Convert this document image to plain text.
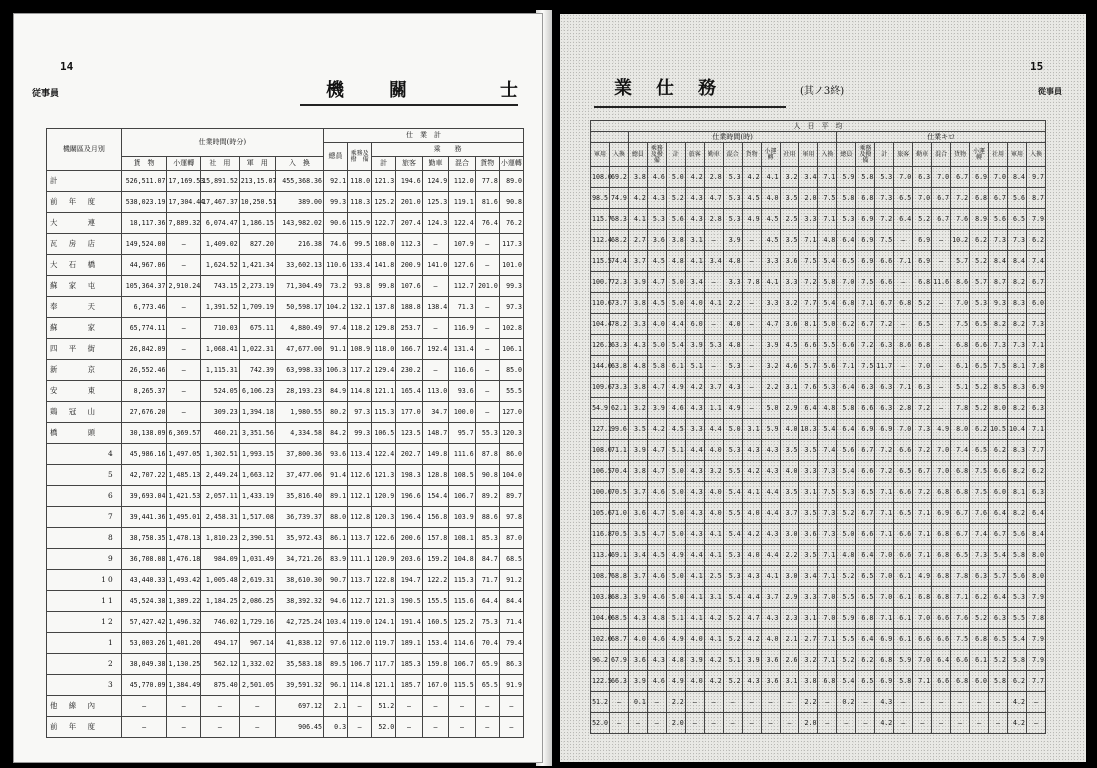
14
従事員	機　　關	士
機關區及月別	仕業時間(時分)					仕　業　計							
						總員	乘務及撥　備	乘　　務					
	貨　物	小運轉	社　用	軍　用	入　換			計	旅客	勤車	混合	貨物	小運轉
計	526,511.07	17,169.53	15,891.52	213,15.07	455,368.36	92.1	118.0	121.3	194.6	124.9	112.0	77.8	89.0
前　年　度	538,023.19	17,304.44	17,467.37	10,250.51	389.00	99.3	118.3	125.2	201.0	125.3	119.1	81.6	90.8
大　　　連	18,117.36	7,889.32	6,074.47	1,186.15	143,982.02	90.6	115.9	122.7	207.4	124.3	122.4	76.4	76.2
瓦　房　店	149,524.00	—	1,409.02	827.20	216.38	74.6	99.5	108.0	112.3	—	107.9	—	117.3
大　石　橋	44,967.06	—	1,624.52	1,421.34	33,602.13	110.6	133.4	141.8	200.9	141.0	127.6	—	101.0
蘇　家　屯	105,364.37	2,910.24	743.15	2,273.19	71,304.49	73.2	93.8	99.8	107.6	—	112.7	201.0	99.3
奉　　　天	6,773.46	—	1,391.52	1,709.19	50,598.17	104.2	132.1	137.8	188.8	138.4	71.3	—	97.3
蘇　　　家	65,774.11	—	710.03	675.11	4,880.49	97.4	118.2	129.8	253.7	—	116.9	—	102.8
四　平　街	26,842.09	—	1,068.41	1,022.31	47,677.00	91.1	108.9	118.0	166.7	192.4	131.4	—	106.1
新　　　京	26,552.46	—	1,115.31	742.39	63,998.33	106.3	117.2	129.4	230.2	—	116.6	—	85.0
安　　　東	8,265.37	—	524.05	6,106.23	28,193.23	84.9	114.8	121.1	165.4	113.0	93.6	—	55.5
鶏　冠　山	27,676.20	—	309.23	1,394.18	1,980.55	80.2	97.3	115.3	177.0	34.7	100.0	—	127.0
橋　　　頭	30,138.09	6,369.57	460.21	3,351.56	4,334.58	84.2	99.3	106.5	123.5	148.7	95.7	55.3	120.3
4	45,986.16	1,497.05	1,302.51	1,993.15	37,800.36	93.6	113.4	122.4	202.7	149.8	111.6	87.8	86.0
5	42,707.22	1,485.13	2,449.24	1,663.12	37,477.06	91.4	112.6	121.3	198.3	128.8	108.5	90.8	104.0
6	39,693.04	1,421.53	2,057.11	1,433.19	35,816.40	89.1	112.1	120.9	196.6	154.4	106.7	89.2	89.7
7	39,441.36	1,495.01	2,458.31	1,517.08	36,739.37	88.0	112.8	120.3	196.4	156.8	103.9	88.6	97.8
8	38,758.35	1,478.13	1,810.23	2,390.51	35,972.43	86.1	113.7	122.6	200.6	157.8	108.1	85.3	87.0
9	36,708.08	1,476.18	984.09	1,031.49	34,721.26	83.9	111.1	120.9	203.6	159.2	104.8	84.7	68.5
10	43,440.33	1,493.42	1,005.48	2,619.31	38,610.30	90.7	113.7	122.8	194.7	122.2	115.3	71.7	91.2
11	45,524.38	1,389.22	1,184.25	2,086.25	38,392.32	94.6	112.7	121.3	190.5	155.5	115.6	64.4	84.4
12	57,427.42	1,496.32	746.02	1,729.16	42,725.24	103.4	119.0	124.1	191.4	160.5	125.2	75.3	71.4
1	53,003.26	1,401.20	494.17	967.14	41,838.12	97.6	112.0	119.7	189.1	153.4	114.6	70.4	79.4
2	38,049.38	1,130.25	562.12	1,332.02	35,583.18	89.5	106.7	117.7	185.3	159.8	106.7	65.9	86.3
3	45,770.09	1,384.49	875.40	2,501.05	39,591.32	96.1	114.8	121.1	185.7	167.0	115.5	65.5	91.9
他　線　內	—	—	—	—	697.12	2.1	—	51.2	—	—	—	—	—
前　年　度	—	—	—	—	906.45	0.3	—	52.0	—	—	—	—	—
15
從事員
業　仕　務	(其ノ3終)
人　日　平　均																							
		仕業時間(時)											仕業キロ										
軍用	入換	總員	乘務及撥備	計	旅客	勤車	混合	貨物	小運轉	社用	軍用	入換	總員	乘務及撥備	計	旅客	勤車	混合	貨物	小運轉	社用	軍用	入換
108.0	69.2	3.8	4.6	5.0	4.2	2.8	5.3	4.2	4.1	3.2	3.4	7.1	5.9	5.8	5.3	7.0	6.3	7.0	6.7	6.9	7.0	8.4	9.7
98.5	74.9	4.2	4.3	5.2	4.3	4.7	5.3	4.5	4.0	3.5	2.0	7.5	5.8	6.8	7.3	6.5	7.0	6.7	7.2	6.8	6.7	5.6	8.7
115.7	68.3	4.1	5.3	5.6	4.3	2.8	5.3	4.9	4.5	2.5	3.3	7.1	5.3	6.9	7.2	6.4	5.2	6.7	7.6	8.9	5.6	6.5	7.9
112.4	68.2	2.7	3.6	3.8	3.1	—	3.9	—	4.5	3.5	7.1	4.8	6.4	6.9	7.5	—	6.9	—	10.2	6.2	7.3	7.3	6.2
115.5	74.4	3.7	4.5	4.8	4.1	3.4	4.8	—	3.3	3.6	7.5	5.4	6.5	6.9	6.6	7.1	6.9	—	5.7	5.2	8.4	8.4	7.4
100.7	72.3	3.9	4.7	5.0	3.4	—	3.3	7.8	4.1	3.3	7.2	5.8	7.0	7.5	6.6	—	6.8	11.6	8.6	5.7	8.7	8.2	6.7
110.6	73.7	3.8	4.5	5.0	4.0	4.1	2.2	—	3.3	3.2	7.7	5.4	6.8	7.1	6.7	6.8	5.2	—	7.0	5.3	9.3	8.3	6.0
104.4	78.2	3.3	4.0	4.4	6.0	—	4.0	—	4.7	3.6	8.1	5.0	6.2	6.7	7.2	—	6.5	—	7.5	6.5	8.2	8.2	7.3
126.3	63.3	4.3	5.0	5.4	3.9	5.3	4.8	—	3.9	4.5	6.6	5.5	6.6	7.2	6.3	8.6	6.8	—	6.8	6.6	7.3	7.3	7.1
144.0	63.8	4.8	5.8	6.1	5.1	—	5.3	—	3.2	4.6	5.7	5.6	7.1	7.5	11.7	—	7.0	—	6.1	6.5	7.5	8.1	7.8
109.6	73.3	3.8	4.7	4.9	4.2	3.7	4.3	—	2.2	3.1	7.6	5.3	6.4	6.3	6.3	7.1	6.3	—	5.1	5.2	8.5	8.3	6.9
54.9	62.1	3.2	3.9	4.6	4.3	1.1	4.9	—	5.0	2.9	6.4	4.8	5.8	6.6	6.3	2.8	7.2	—	7.8	5.2	8.0	8.2	6.3
127.1	99.6	3.5	4.2	4.5	3.3	4.4	5.0	3.1	5.9	4.0	10.3	5.4	6.4	6.9	6.9	7.0	7.3	4.9	8.0	6.2	10.5	10.4	7.1
108.0	71.1	3.9	4.7	5.1	4.4	4.0	5.3	4.3	4.3	3.5	3.5	7.4	5.6	6.7	7.2	6.6	7.2	7.0	7.4	6.5	6.2	8.3	7.7
106.5	70.4	3.8	4.7	5.0	4.3	3.2	5.5	4.2	4.3	4.0	3.3	7.3	5.4	6.6	7.2	6.5	6.7	7.0	6.8	7.5	6.6	8.2	6.2
100.0	70.5	3.7	4.6	5.0	4.3	4.0	5.4	4.1	4.4	3.5	3.1	7.5	5.3	6.5	7.1	6.6	7.2	6.8	6.8	7.5	6.0	8.1	6.3
105.6	71.0	3.6	4.7	5.0	4.3	4.0	5.5	4.0	4.4	3.7	3.5	7.3	5.2	6.7	7.1	6.5	7.1	6.9	6.7	7.6	6.4	8.2	6.4
116.8	70.5	3.5	4.7	5.0	4.3	4.1	5.4	4.2	4.3	3.0	3.6	7.3	5.0	6.6	7.1	6.6	7.1	6.8	6.7	7.4	6.7	5.6	8.4
113.4	69.1	3.4	4.5	4.9	4.4	4.1	5.3	4.0	4.4	2.2	3.5	7.1	4.8	6.4	7.0	6.6	7.1	6.8	6.5	7.3	5.4	5.8	8.0
108.7	68.8	3.7	4.6	5.0	4.1	2.5	5.3	4.3	4.1	3.0	3.4	7.1	5.2	6.5	7.0	6.1	4.9	6.8	7.8	6.3	5.7	5.6	8.0
103.8	68.3	3.9	4.6	5.0	4.1	3.1	5.4	4.4	3.7	2.9	3.3	7.0	5.5	6.5	7.0	6.1	6.8	6.8	7.1	6.2	6.4	5.3	7.9
104.0	68.5	4.3	4.8	5.1	4.1	4.2	5.2	4.7	4.3	2.3	3.1	7.0	5.9	6.8	7.1	6.1	7.0	6.6	7.6	5.2	6.3	5.5	7.8
102.0	68.7	4.0	4.6	4.9	4.0	4.1	5.2	4.2	4.0	2.1	2.7	7.1	5.5	6.4	6.9	6.1	6.6	6.6	7.5	6.8	6.5	5.4	7.9
96.2	67.9	3.6	4.3	4.8	3.9	4.2	5.1	3.9	3.6	2.6	3.2	7.1	5.2	6.2	6.8	5.9	7.0	6.4	6.6	6.1	5.2	5.8	7.9
122.5	66.3	3.9	4.6	4.9	4.0	4.2	5.2	4.3	3.6	3.1	3.8	6.8	5.4	6.5	6.9	5.8	7.1	6.6	6.8	6.0	5.8	6.2	7.7
51.2	—	0.1	—	2.2	—	—	—	—	—	—	2.2	—	0.2	—	4.3	—	—	—	—	—	—	4.2	—
52.0	—	—	—	2.0	—	—	—	—	—	—	2.0	—	—	—	4.2	—	—	—	—	—	—	4.2	—
